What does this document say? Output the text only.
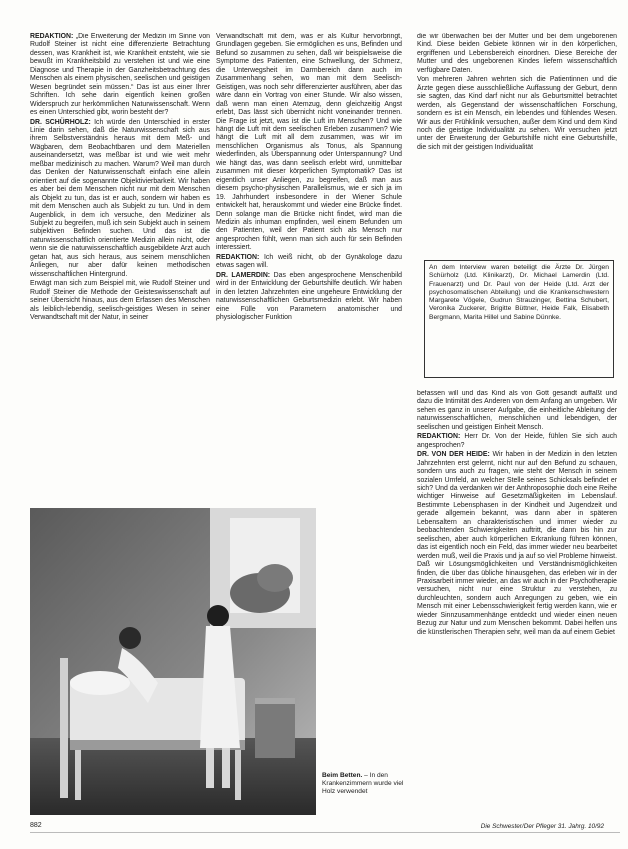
REDAKTION: „Die Erweiterung der Medizin im Sinne von Rudolf Steiner ist nicht eine differenzierte Betrachtung dessen, was Krankheit ist, wie Krankheit entsteht, wie sie bewußt im Krankheitsbild zu verstehen ist und wie eine Diagnose und Therapie in der Ganzheitsbetrachtung des Menschen als einem physischen, seelischen und geistigen Wesen begründet sein müssen.“ Das ist aus einer Ihrer Schriften. Ich sehe darin eigentlich keinen großen Widerspruch zur herkömmlichen Naturwissenschaft. Wenn es einen Unterschied gibt, worin besteht der?

DR. SCHÜRHOLZ: Ich würde den Unterschied in erster Linie darin sehen, daß die Naturwissenschaft sich aus ihrem Selbstverständnis heraus mit dem Meß- und Wägbaren, dem Beobachtbaren und dem Materiellen auseinandersetzt, was meßbar ist und wie weit mehr meßbar medizinisch zu machen. Warum? Weil man durch das Denken der Naturwissenschaft einfach eine allein orientiert auf die sogenannte Objektivierbarkeit. Wir haben es aber bei dem Menschen nicht nur mit dem Menschen als Objekt zu tun, das ist er auch, sondern wir haben es mit dem Menschen auch als Subjekt zu tun. Und in dem Augenblick, in dem ich versuche, den Mediziner als Subjekt zu begreifen, muß ich sein Subjekt auch in seinem subjektiven Befinden suchen. Und das ist die naturwissenschaftlich orientierte Medizin allein nicht, oder wenn sie die naturwissenschaftlich ausgebildete Arzt auch getan hat, aus sich heraus, aus seinem menschlichen Anliegen, nur aber dafür keinen methodischen wissenschaftlichen Hintergrund.

Erwägt man sich zum Beispiel mit, wie Rudolf Steiner und Rudolf Steiner die Methode der Geisteswissenschaft auf seiner Übersicht hinaus, aus dem Erfassen des Menschen als leiblich-lebendig, seelisch-geistiges Wesen in seiner Verwandtschaft mit der Natur, in seiner

Verwandtschaft mit dem, was er als Kultur hervorbringt, Grundlagen gegeben. Sie ermöglichen es uns, Befinden und Befund so zusammen zu sehen, daß wir beispielsweise die Symptome des Patienten, eine Schwellung, der Schmerz, die Unterwegsheit im Darmbereich dann auch im Zusammenhang sehen, wo man mit dem Seelisch-Geistigen, was noch sehr differenzierter ausführen, aber das wäre dann ein Vortrag von einer Stunde. Wir also wissen, daß wenn man einen Atemzug, denn gleichzeitig Angst erlebt, Das lässt sich übernicht nicht voneinander trennen. Die Frage ist jetzt, was ist die Luft im Menschen? Und wie hängt die Luft mit dem seelischen Erleben zusammen? Wie hängt die Luft mit all dem zusammen, was wir im menschlichen Organismus als Tonus, als Spannung wiederfinden, als Überspannung oder Unterspannung? Und wie hängt das, was dann seelisch erlebt wird, unmittelbar zusammen mit dieser körperlichen Symptomatik? Das ist eigentlich unser Anliegen, zu begreifen, daß man aus diesem psycho-physischen Parallelismus, wie er sich ja im 19. Jahrhundert insbesondere in der Wiener Schule entwickelt hat, herauskommt und wieder eine Brücke findet. Denn solange man die Brücke nicht findet, wird man die Medizin als inhuman empfinden, weil einem Befunden um den Patienten, weil der Patient sich als Mensch nur angesprochen fühlt, wenn man sich auch für sein Befinden interessiert.

REDAKTION: Ich weiß nicht, ob der Gynäkologe dazu etwas sagen will.

DR. LAMERDIN: Das eben angesprochene Menschenbild wird in der Entwicklung der Geburtshilfe deutlich. Wir haben in den letzten Jahrzehnten eine ungeheure Entwicklung der naturwissenschaftlichen Geburtsmedizin erlebt. Wir haben eine Fülle von Parametern anatomischer und physiologischer Funktion

die wir überwachen bei der Mutter und bei dem ungeborenen Kind. Diese beiden Gebiete können wir in den körperlichen, ergriffenen und Lebensbereich einordnen. Diese Bereiche der Mutter und des ungeborenen Kindes liefern wissenschaftlich verfügbare Daten.

Von mehreren Jahren wehrten sich die Patientinnen und die Ärzte gegen diese ausschließliche Auffassung der Geburt, denn sie sagten, das Kind darf nicht nur als Geburtsmittel betrachtet werden, als Gegenstand der wissenschaftlichen Forschung, sondern es ist ein Mensch, ein lebendes und fühlendes Wesen. Wir aus der Frühklinik versuchen, außer dem Kind und dem Kind noch die geistige Individualität zu sehen. Wir versuchen jetzt unter der Erweiterung der Geburtshilfe nicht eine Geburtshilfe, die sich mit der geistigen Individualität

An dem Interview waren beteiligt die Ärzte Dr. Jürgen Schürholz (Ltd. Klinikarzt), Dr. Michael Lamerdin (Ltd. Frauenarzt) und Dr. Paul von der Heide (Ltd. Arzt der psychosomatischen Abteilung) und die Krankenschwestern Margarete Vögele, Gudrun Strauzinger, Bettina Schubert, Veronika Zuckerer, Brigitte Büttner, Heide Falk, Elisabeth Bergmann, Marita Hillel und Sabine Dünnke.

befassen will und das Kind als von Gott gesandt auffaßt und dazu die Intimität des Anderen von dem Anfang an umgeben. Wir sehen es ganz in unserer Aufgabe, die einheitliche Ableitung der naturwissenschaftlichen, menschlichen und lebendigen, der seelischen und geistigen Einheit Mensch.

REDAKTION: Herr Dr. Von der Heide, fühlen Sie sich auch angesprochen?

DR. VON DER HEIDE: Wir haben in der Medizin in den letzten Jahrzehnten erst gelernt, nicht nur auf den Befund zu schauen, sondern uns auch zu fragen, wie steht der Mensch in seinem sozialen Umfeld, an welcher Stelle seines Schicksals befindet er sich? Und da verdanken wir der Anthroposophie doch eine Reihe wichtiger Hinweise auf Gesetzmäßigkeiten im Lebenslauf. Bestimmte Lebensphasen in der Kindheit und Jugendzeit und gerade allgemein bekannt, was dann aber in späteren Lebensaltern an charakteristischen und immer wieder zu beobachtenden Schwierigkeiten auftritt, die dann bis hin zur seelischen, aber auch körperlichen Erkrankung führen können, das ist eigentlich noch ein Feld, das immer wieder neu bearbeitet werden muß, weil die Praxis und ja auf so viel Probleme hinweist. Daß wir Lösungsmöglichkeiten und Verständnismöglichkeiten finden, die über das übliche hinausgehen, das erleben wir in der Praxisarbeit immer wieder, an das wir auch in der Psychotherapie versuchen, nicht nur eine Struktur zu verstehen, zu durchleuchten, sondern auch Anregungen zu geben, wie ein Mensch mit einer Lebensschwierigkeit fertig werden kann, wie er wieder Sinnzusammenhänge entdeckt und wieder einen neuen Bezug zur Natur und zum Menschen bekommt. Dabei helfen uns die künstlerischen Therapien sehr, weil man da auf einem Gebiet

Beim Betten. – In den Krankenzimmern wurde viel Holz verwendet
882	Die Schwester/Der Pfleger 31. Jahrg. 10/92
